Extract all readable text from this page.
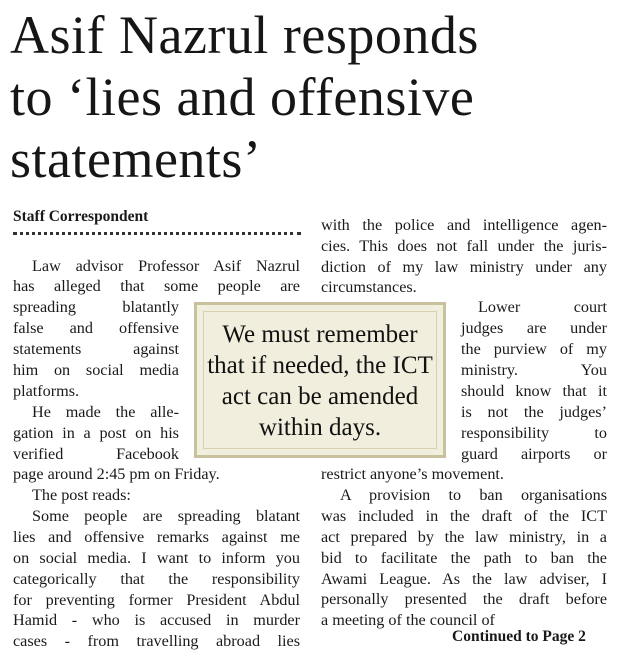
Asif Nazrul responds
to ‘lies and offensive
statements’
Staff Correspondent
Law advisor Professor Asif Nazrul
has alleged that some people are
spreading blatantly
false and offensive
statements against
him on social media
platforms.
He made the alle-
gation in a post on his
verified Facebook
page around 2:45 pm on Friday.
The post reads:
Some people are spreading blatant
lies and offensive remarks against me
on social media. I want to inform you
categorically that the responsibility
for preventing former President Abdul
Hamid - who is accused in murder
cases - from travelling abroad lies
with the police and intelligence agen-
cies. This does not fall under the juris-
diction of my law ministry under any
circumstances.
Lower court
judges are under
the purview of my
ministry. You
should know that it
is not the judges’
responsibility to
guard airports or
restrict anyone’s movement.
A provision to ban organisations
was included in the draft of the ICT
act prepared by the law ministry, in a
bid to facilitate the path to ban the
Awami League. As the law adviser, I
personally presented the draft before
a meeting of the council of
We must remember
that if needed, the ICT
act can be amended
within days.
Continued to Page 2
